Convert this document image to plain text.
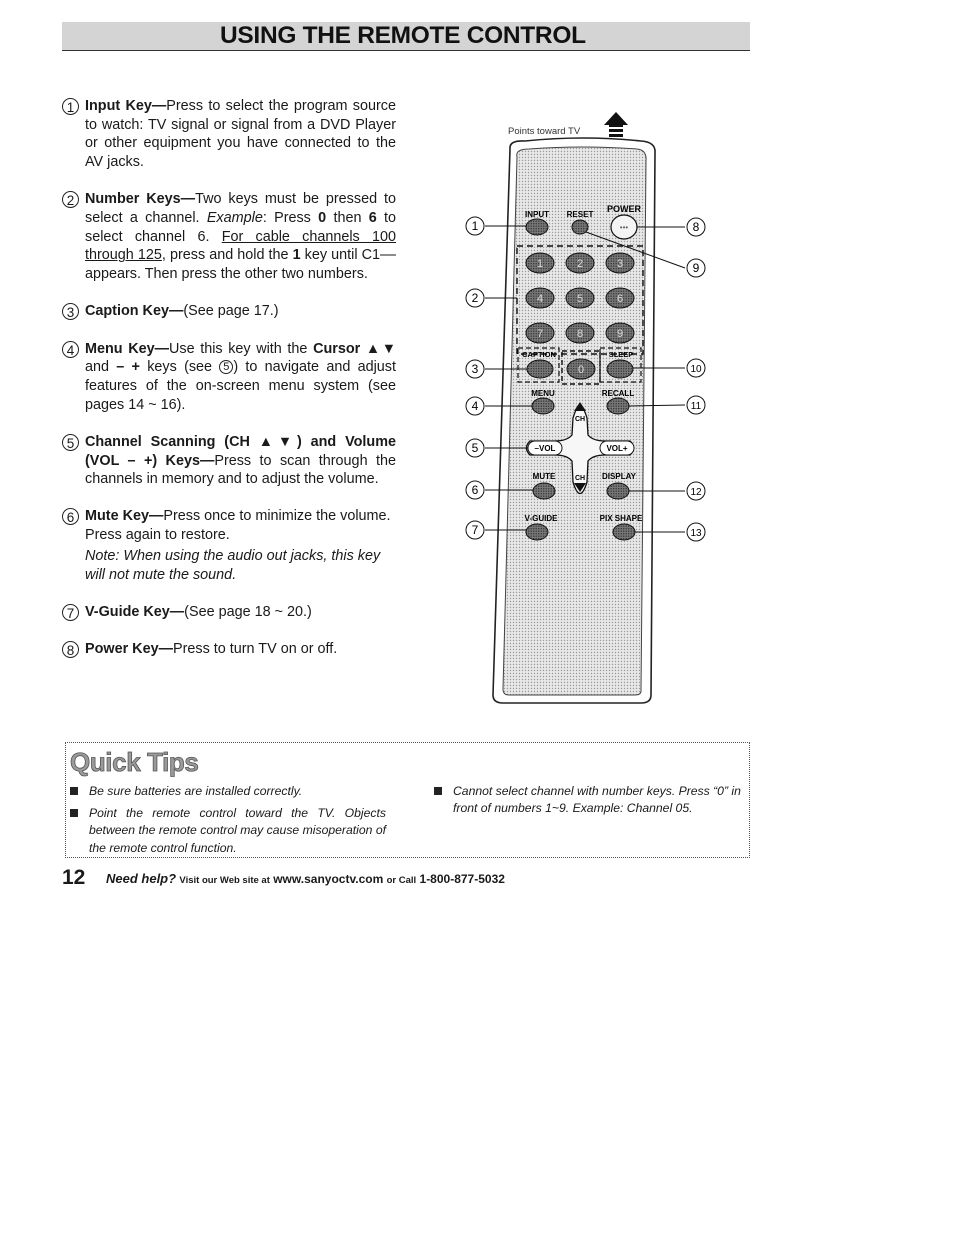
USING THE REMOTE CONTROL
1 Input Key—Press to select the program source to watch: TV signal or signal from a DVD Player or other equipment you have connected to the AV jacks.

2 Number Keys—Two keys must be pressed to select a channel. Example: Press 0 then 6 to select channel 6. For cable channels 100 through 125, press and hold the 1 key until C1–– appears. Then press the other two numbers.

3 Caption Key—(See page 17.)

4 Menu Key—Use this key with the Cursor ▲▼ and – + keys (see 5 ) to navigate and adjust features of the on-screen menu system (see pages 14 ~ 16).

5 Channel Scanning (CH ▲▼) and Volume (VOL – +) Keys—Press to scan through the channels in memory and to adjust the volume.

6 Mute Key—Press once to minimize the volume. Press again to restore.

Note: When using the audio out jacks, this key will not mute the sound.

7 V-Guide Key—(See page 18 ~ 20.)

8 Power Key—Press to turn TV on or off.

Points toward TV
INPUT RESET
POWER
•••
1	2	3
4	5	6
7	8	9
0
CAPTION	SLEEP
MENU	RECALL
CH
–VOL	VOL+
CH
MUTE	DISPLAY
V-GUIDE	PIX SHAPE
1
2
3
4
5
6
7
8
9
10
11
12
13
Quick Tips

Be sure batteries are installed correctly.

Point the remote control toward the TV. Objects between the remote control may cause misoperation of the remote control function.

Cannot select channel with number keys. Press “0” in front of numbers 1~9. Example: Channel 05.

12 Need help? Visit our Web site at www.sanyoctv.com or Call 1-800-877-5032
